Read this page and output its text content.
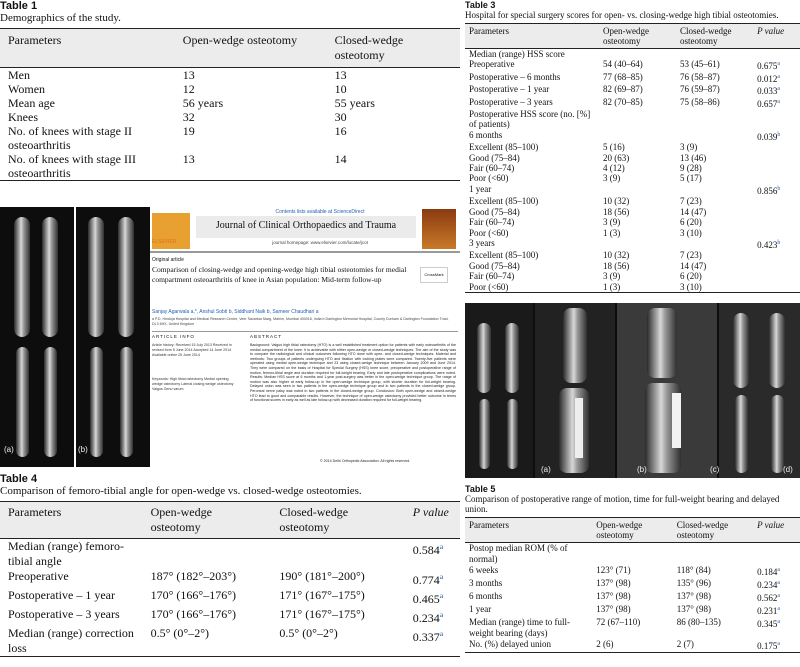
Table 1
Demographics of the study.
Parameters	Open-wedge osteotomy	Closed-wedge osteotomy
Men	13	13
Women	12	10
Mean age	56 years	55 years
Knees	32	30
No. of knees with stage II osteoarthritis	19	16
No. of knees with stage III osteoarthritis	13	14
(a)	(b)
ELSEVIER
Contents lists available at ScienceDirect
Journal of Clinical Orthopaedics and Trauma
journal homepage: www.elsevier.com/locate/jcot
Original article
Comparison of closing-wedge and opening-wedge high tibial osteotomies for medial compartment osteoarthritis of knee in Asian population: Mid-term follow-up
CrossMark
Sanjay Agarwala a,*, Anshul Sobti b, Siddhant Naik b, Sameer Chaudhari a
a P.D. Hinduja Hospital and Medical Research Centre, Veer Savarkar Marg, Mahim, Mumbai 400016, India b Darlington Memorial Hospital, County Durham & Darlington Foundation Trust, DL3 6HX, United Kingdom
ARTICLE INFO	ABSTRACT
Article history: Received 15 July 2013 Received in revised form 5 June 2014 Accepted 14 June 2014 Available online 25 June 2014
Keywords: High tibial osteotomy Medial opening wedge osteotomy Lateral closing wedge osteotomy Valgus Genu varum
Background: Valgus high tibial osteotomy (HTO) is a well established treatment option for patients with early osteoarthritis of the medial compartment of the knee. It is achievable with either open-wedge or closed-wedge techniques. The aim of the study was to compare the radiological and clinical outcomes following HTO done with open- and closed-wedge techniques. Material and methods: Two groups of patients undergoing HTO and fixation with locking plates were compared. Twenty-five patients were operated using medial open-wedge technique and 23 using closed-wedge technique between January 2009 and June 2014. They were compared on the basis of Hospital for Special Surgery (HSS) knee score, preoperative and postoperative range of motion, femoro-tibial angle and duration required for full-weight bearing. Early and late postoperative complications were noted. Results: Median HSS score at 6 months and 1-year post-surgery was better in the open-wedge technique group. The range of motion was also higher at early follow-up in the open-wedge technique group, with shorter duration for full-weight bearing. Delayed union was seen in two patients in the open-wedge technique group and in two patients in the closed-wedge group. Peroneal nerve palsy was noted in two patients in the closed-wedge group. Conclusion: Both open-wedge and closed-wedge HTO lead to good and comparable results. However, the technique of open-wedge osteotomy provided better outcome in terms of functional scores in early as well as late follow-up with decreased duration required for full-weight bearing.
© 2014 Delhi Orthopedic Association. All rights reserved.
Table 4
Comparison of femoro-tibial angle for open-wedge vs. closed-wedge osteotomies.
Parameters	Open-wedge osteotomy	Closed-wedge osteotomy	P value
Median (range) femoro-tibial angle			0.584$^a$
Preoperative	187° (182°–203°)	190° (181°–200°)	0.774$^a$
Postoperative – 1 year	170° (166°–176°)	171° (167°–175°)	0.465$^a$
Postoperative – 3 years	170° (166°–176°)	171° (167°–175°)	0.234$^a$
Median (range) correction loss	0.5° (0°–2°)	0.5° (0°–2°)	0.337$^a$
Table 3
Hospital for special surgery scores for open- vs. closing-wedge high tibial osteotomies.
Parameters	Open-wedge osteotomy	Closed-wedge osteotomy	P value
Median (range) HSS score			
Preoperative	54 (40–64)	53 (45–61)	0.675$^a$
Postoperative – 6 months	77 (68–85)	76 (58–87)	0.012$^a$
Postoperative – 1 year	82 (69–87)	76 (59–87)	0.033$^a$
Postoperative – 3 years	82 (70–85)	75 (58–86)	0.657$^a$
Postoperative HSS score (no. [%] of patients)			
6 months			0.039$^b$
Excellent (85–100)	5 (16)	3 (9)	
Good (75–84)	20 (63)	13 (46)	
Fair (60–74)	4 (12)	9 (28)	
Poor (<60)	3 (9)	5 (17)	
1 year			0.856$^b$
Excellent (85–100)	10 (32)	7 (23)	
Good (75–84)	18 (56)	14 (47)	
Fair (60–74)	3 (9)	6 (20)	
Poor (<60)	1 (3)	3 (10)	
3 years			0.423$^b$
Excellent (85–100)	10 (32)	7 (23)	
Good (75–84)	18 (56)	14 (47)	
Fair (60–74)	3 (9)	6 (20)	
Poor (<60)	1 (3)	3 (10)	
(a)	(b)	(c)	(d)
Table 5
Comparison of postoperative range of motion, time for full-weight bearing and delayed union.
Parameters	Open-wedge osteotomy	Closed-wedge osteotomy	P value
Postop median ROM (% of normal)			
6 weeks	123° (71)	118° (84)	0.184$^a$
3 months	137° (98)	135° (96)	0.234$^a$
6 months	137° (98)	137° (98)	0.562$^a$
1 year	137° (98)	137° (98)	0.231$^a$
Median (range) time to full-weight bearing (days)	72 (67–110)	86 (80–135)	0.345$^a$
No. (%) delayed union	2 (6)	2 (7)	0.175$^a$
